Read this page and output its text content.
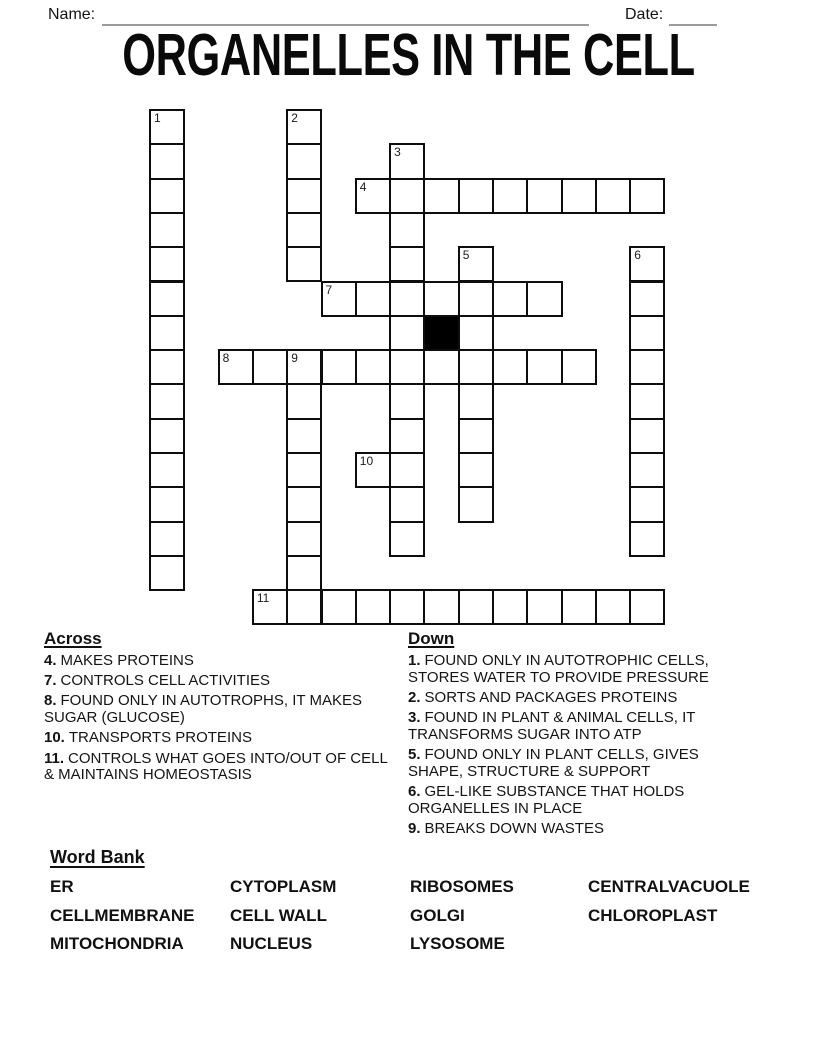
Name:	Date:
ORGANELLES IN THE CELL
1	2
3
4
5	6
7
8	9
10
11
Across
4. MAKES PROTEINS
7. CONTROLS CELL ACTIVITIES
8. FOUND ONLY IN AUTOTROPHS, IT MAKES
SUGAR (GLUCOSE)
10. TRANSPORTS PROTEINS
11. CONTROLS WHAT GOES INTO/OUT OF CELL
& MAINTAINS HOMEOSTASIS
Down
1. FOUND ONLY IN AUTOTROPHIC CELLS,
STORES WATER TO PROVIDE PRESSURE
2. SORTS AND PACKAGES PROTEINS
3. FOUND IN PLANT & ANIMAL CELLS, IT
TRANSFORMS SUGAR INTO ATP
5. FOUND ONLY IN PLANT CELLS, GIVES
SHAPE, STRUCTURE & SUPPORT
6. GEL-LIKE SUBSTANCE THAT HOLDS
ORGANELLES IN PLACE
9. BREAKS DOWN WASTES
Word Bank
ER	CYTOPLASM	RIBOSOMES	CENTRALVACUOLE
CELLMEMBRANE	CELL WALL	GOLGI	CHLOROPLAST
MITOCHONDRIA	NUCLEUS	LYSOSOME
